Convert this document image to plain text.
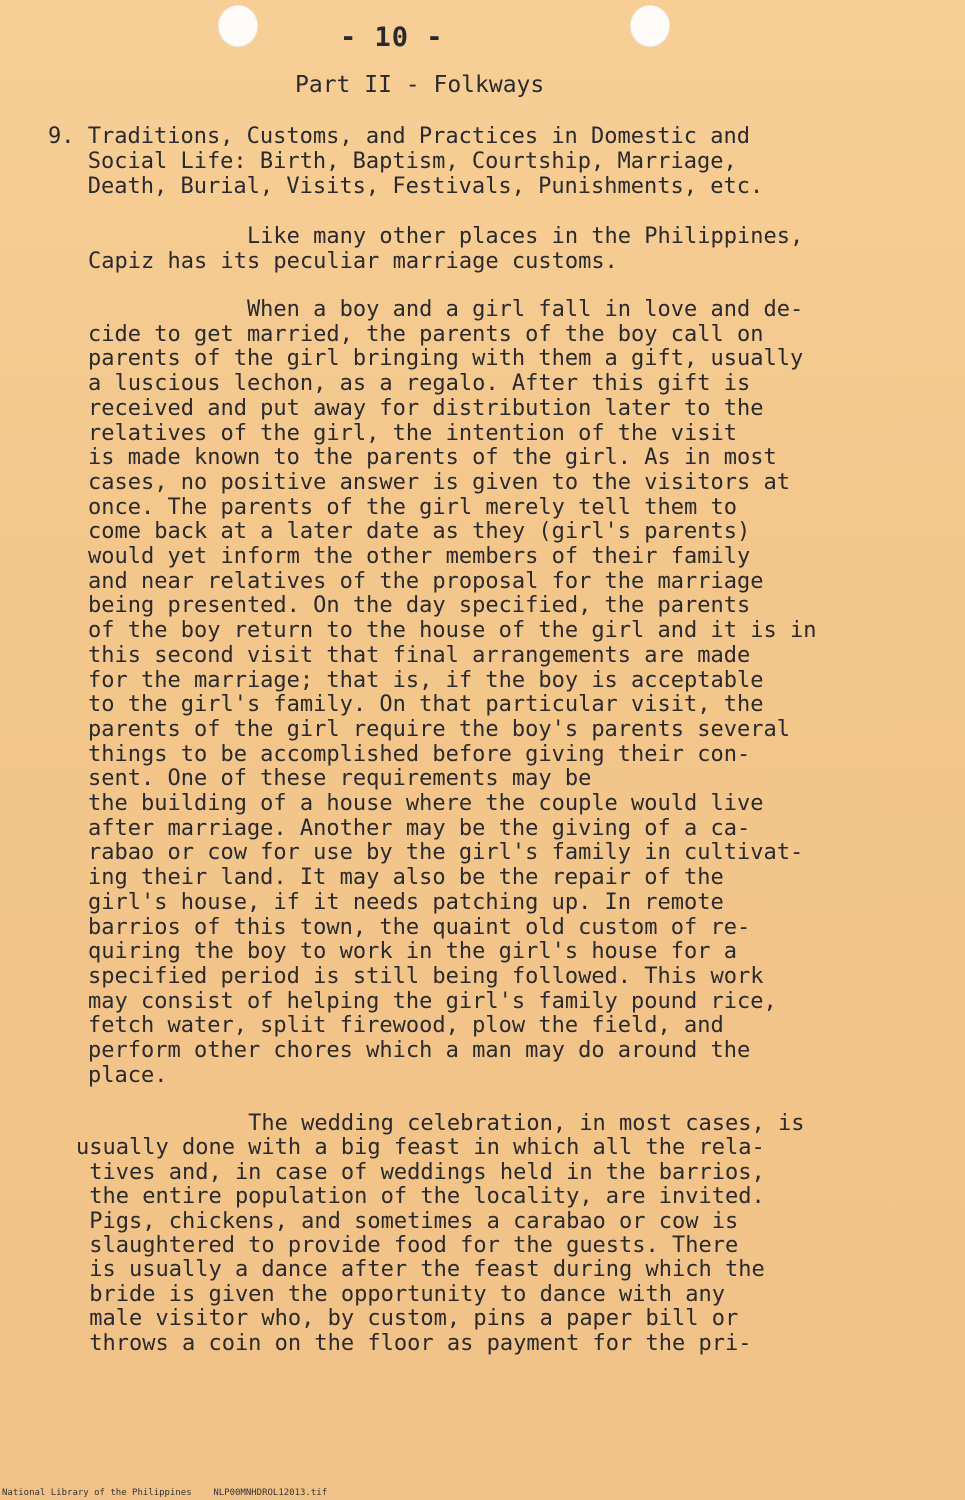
- 10 -
Part II - Folkways
9. Traditions, Customs, and Practices in Domestic and
Social Life: Birth, Baptism, Courtship, Marriage,
Death, Burial, Visits, Festivals, Punishments, etc.

Like many other places in the Philippines,
Capiz has its peculiar marriage customs.

When a boy and a girl fall in love and de-
cide to get married, the parents of the boy call on
parents of the girl bringing with them a gift, usually
a luscious lechon, as a regalo. After this gift is
received and put away for distribution later to the
relatives of the girl, the intention of the visit
is made known to the parents of the girl. As in most
cases, no positive answer is given to the visitors at
once. The parents of the girl merely tell them to
come back at a later date as they (girl's parents)
would yet inform the other members of their family
and near relatives of the proposal for the marriage
being presented. On the day specified, the parents
of the boy return to the house of the girl and it is in
this second visit that final arrangements are made
for the marriage; that is, if the boy is acceptable
to the girl's family. On that particular visit, the
parents of the girl require the boy's parents several
things to be accomplished before giving their con-
sent. One of these requirements may be
the building of a house where the couple would live
after marriage. Another may be the giving of a ca-
rabao or cow for use by the girl's family in cultivat-
ing their land. It may also be the repair of the
girl's house, if it needs patching up. In remote
barrios of this town, the quaint old custom of re-
quiring the boy to work in the girl's house for a
specified period is still being followed. This work
may consist of helping the girl's family pound rice,
fetch water, split firewood, plow the field, and
perform other chores which a man may do around the
place.

The wedding celebration, in most cases, is
usually done with a big feast in which all the rela-
tives and, in case of weddings held in the barrios,
the entire population of the locality, are invited.
Pigs, chickens, and sometimes a carabao or cow is
slaughtered to provide food for the guests. There
is usually a dance after the feast during which the
bride is given the opportunity to dance with any
male visitor who, by custom, pins a paper bill or
throws a coin on the floor as payment for the pri-

National Library of the Philippines    NLP00MNHDROL12013.tif
